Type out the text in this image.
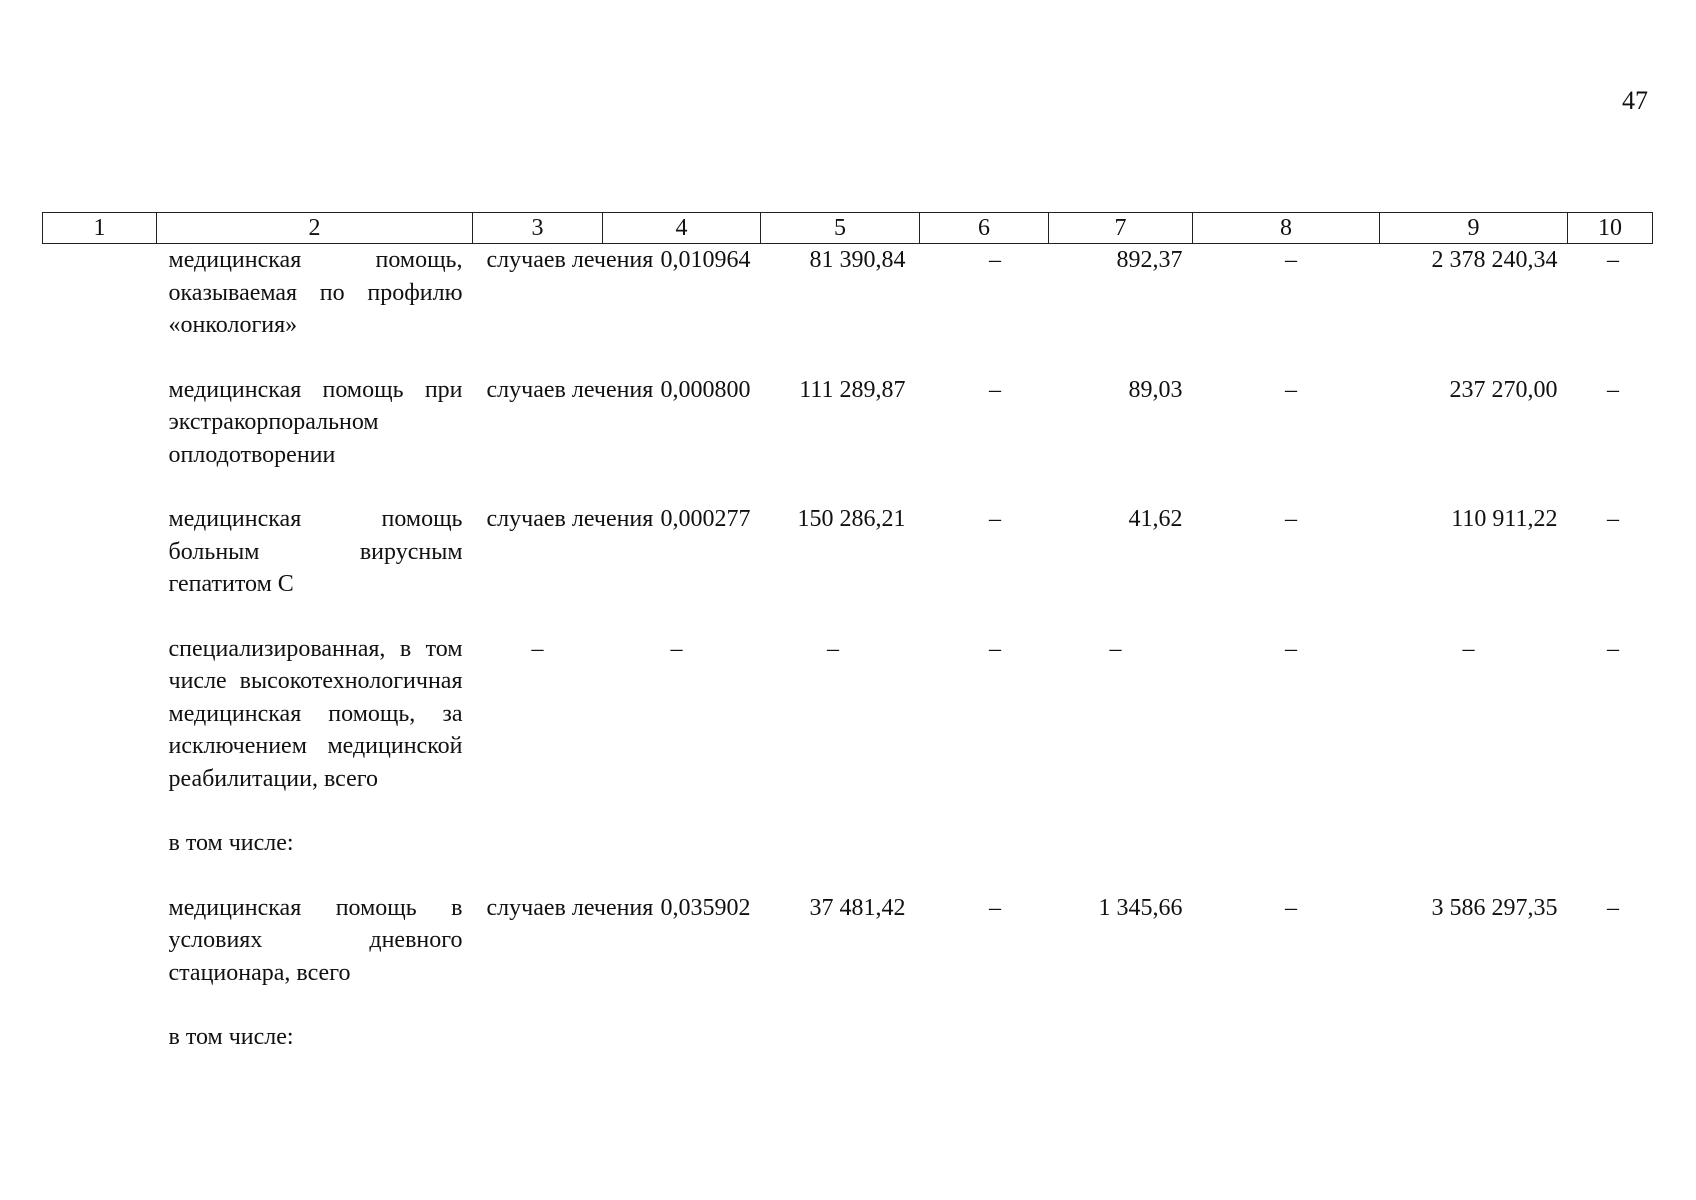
47
1	2	3	4	5	6	7	8	9	10
	медицинская помощь, оказываемая по профилю «онкология»	случаев лечения	0,010964	81 390,84	–	892,37	–	2 378 240,34	–
	медицинская помощь при экстракорпоральном оплодотворении	случаев лечения	0,000800	111 289,87	–	89,03	–	237 270,00	–
	медицинская помощь больным вирусным гепатитом С	случаев лечения	0,000277	150 286,21	–	41,62	–	110 911,22	–
	специализированная, в том числе высокотехнологичная медицинская помощь, за исключением медицинской реабилитации, всего	–	–	–	–	–	–	–	–
	в том числе:								
	медицинская помощь в условиях дневного стационара, всего	случаев лечения	0,035902	37 481,42	–	1 345,66	–	3 586 297,35	–
	в том числе:								
